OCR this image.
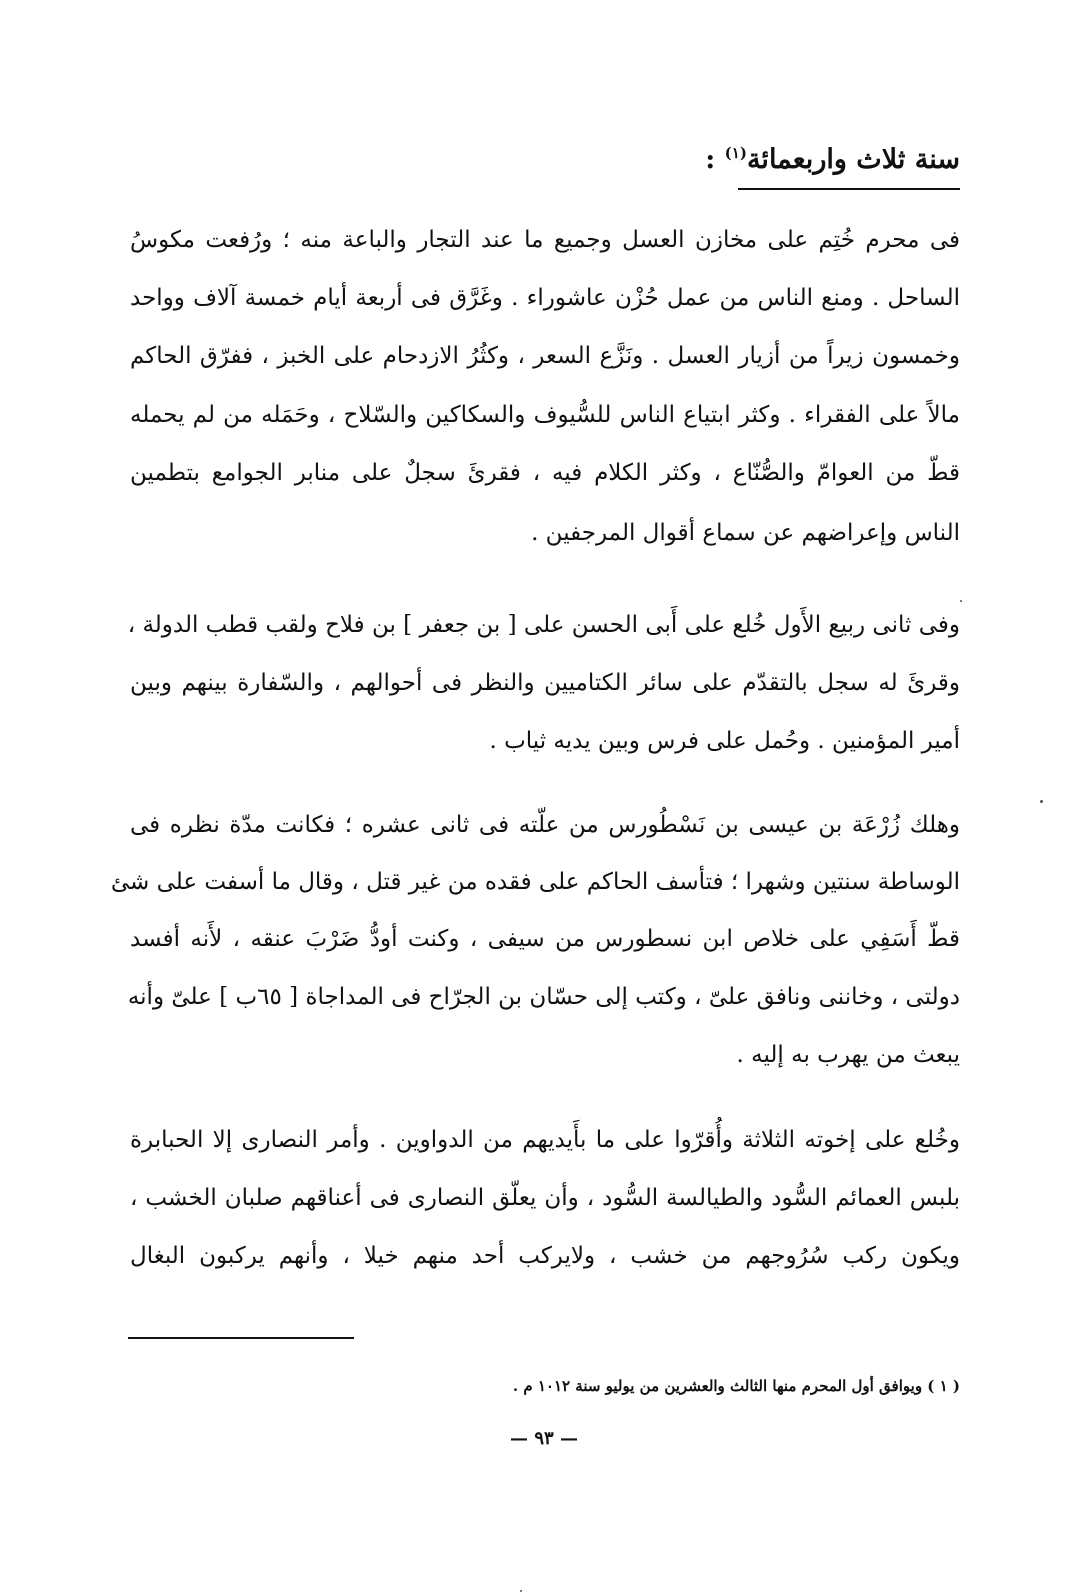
سنة ثلاث واربعمائة$^{(١)}$ :
فى محرم خُتِم على مخازن العسل وجميع ما عند التجار والباعة منه ؛ ورُفعت مكوسُ
الساحل . ومنع الناس من عمل حُزْن عاشوراء . وغَرَّق فى أربعة أيام خمسة آلاف وواحد
وخمسون زيراً من أزيار العسل . ونَزَّع السعر ، وكثُرُ الازدحام على الخبز ، ففرّق الحاكم
مالاً على الفقراء . وكثر ابتياع الناس للسُّيوف والسكاكين والسّلاح ، وحَمَله من لم يحمله
قطّ من العوامّ والصُّنّاع ، وكثر الكلام فيه ، فقرئَ سجلٌ على منابر الجوامع بتطمين
الناس وإعراضهم عن سماع أقوال المرجفين .
وفى ثانى ربيع الأَول خُلع على أَبى الحسن على [ بن جعفر ] بن فلاح ولقب قطب الدولة ،
وقرئَ له سجل بالتقدّم على سائر الكتاميين والنظر فى أحوالهم ، والسّفارة بينهم وبين
أمير المؤمنين . وحُمل على فرس وبين يديه ثياب .
وهلك زُرْعَة بن عيسى بن نَسْطُورس من علّته فى ثانى عشره ؛ فكانت مدّة نظره فى
الوساطة سنتين وشهرا ؛ فتأسف الحاكم على فقده من غير قتل ، وقال ما أسفت على شئ
قطّ أَسَفِي على خلاص ابن نسطورس من سيفى ، وكنت أودُّ ضَرْبَ عنقه ، لأَنه أفسد
دولتى ، وخاننى ونافق علىّ ، وكتب إلى حسّان بن الجرّاح فى المداجاة [ ٦٥ب ] علىّ وأنه
يبعث من يهرب به إليه .
وخُلع على إخوته الثلاثة وأُقرّوا على ما بأَيديهم من الدواوين . وأمر النصارى إلا الحبابرة
بلبس العمائم السُّود والطيالسة السُّود ، وأن يعلّق النصارى فى أعناقهم صلبان الخشب ،
ويكون ركب سُرُوجهم من خشب ، ولايركب أحد منهم خيلا ، وأنهم يركبون البغال
( ١ ) ويوافق أول المحرم منها الثالث والعشرين من يوليو سنة ١٠١٢ م .
— ٩٣ —
